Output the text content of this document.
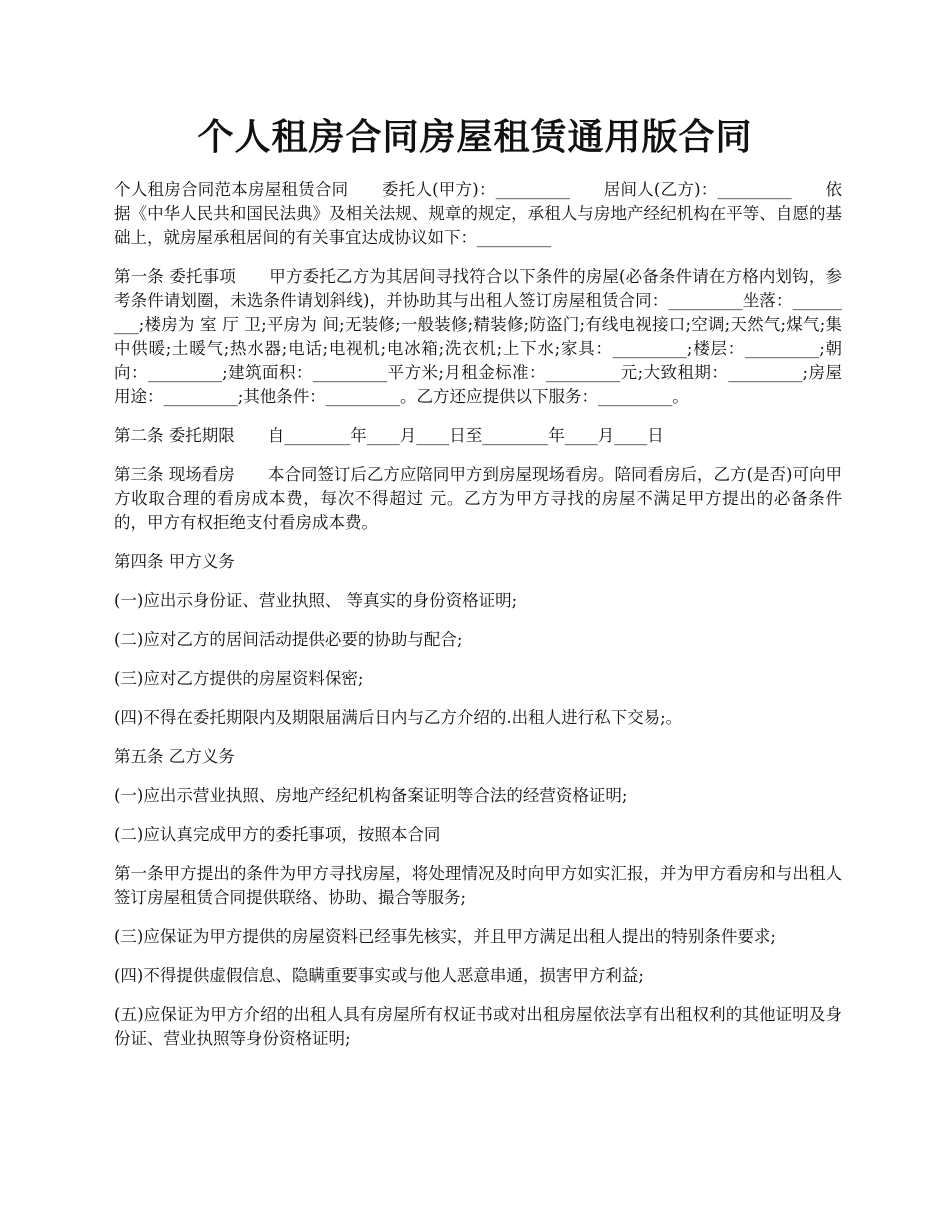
个人租房合同房屋租赁通用版合同

个人租房合同范本房屋租赁合同　　委托人(甲方)：_________　　居间人(乙方)：_________　　依据《中华人民共和国民法典》及相关法规、规章的规定，承租人与房地产经纪机构在平等、自愿的基础上，就房屋承租居间的有关事宜达成协议如下：_________

第一条 委托事项　　甲方委托乙方为其居间寻找符合以下条件的房屋(必备条件请在方格内划钩，参考条件请划圈，未选条件请划斜线)，并协助其与出租人签订房屋租赁合同：_________坐落：_________;楼房为 室 厅 卫;平房为 间;无装修;一般装修;精装修;防盗门;有线电视接口;空调;天然气;煤气;集中供暖;土暖气;热水器;电话;电视机;电冰箱;洗衣机;上下水;家具：_________;楼层：_________;朝向：_________;建筑面积：_________平方米;月租金标准：_________元;大致租期：_________;房屋用途：_________;其他条件：_________。乙方还应提供以下服务：_________。

第二条 委托期限　　自________年____月____日至________年____月____日

第三条 现场看房　　本合同签订后乙方应陪同甲方到房屋现场看房。陪同看房后，乙方(是否)可向甲方收取合理的看房成本费，每次不得超过 元。乙方为甲方寻找的房屋不满足甲方提出的必备条件的，甲方有权拒绝支付看房成本费。

第四条 甲方义务

(一)应出示身份证、营业执照、 等真实的身份资格证明;

(二)应对乙方的居间活动提供必要的协助与配合;

(三)应对乙方提供的房屋资料保密;

(四)不得在委托期限内及期限届满后日内与乙方介绍的.出租人进行私下交易;。

第五条 乙方义务

(一)应出示营业执照、房地产经纪机构备案证明等合法的经营资格证明;

(二)应认真完成甲方的委托事项，按照本合同

第一条甲方提出的条件为甲方寻找房屋，将处理情况及时向甲方如实汇报，并为甲方看房和与出租人签订房屋租赁合同提供联络、协助、撮合等服务;

(三)应保证为甲方提供的房屋资料已经事先核实，并且甲方满足出租人提出的特别条件要求;

(四)不得提供虚假信息、隐瞒重要事实或与他人恶意串通，损害甲方利益;

(五)应保证为甲方介绍的出租人具有房屋所有权证书或对出租房屋依法享有出租权利的其他证明及身份证、营业执照等身份资格证明;
